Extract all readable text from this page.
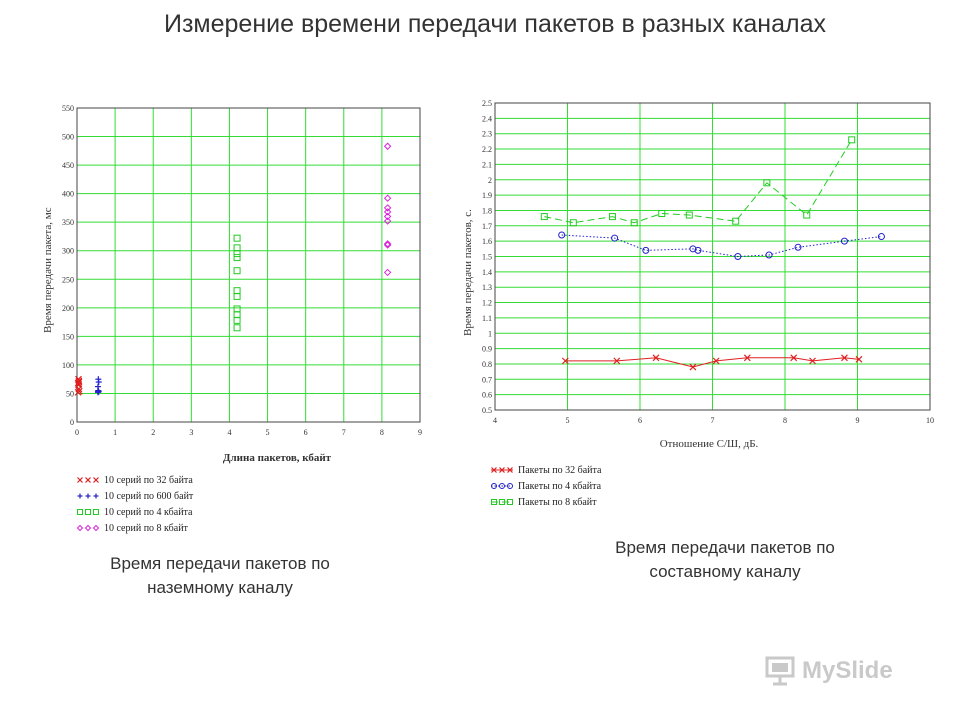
Измерение времени передачи пакетов в разных каналах
0	1	2	3	4	5	6	7	8	9
0
50
100
150
200
250
300
350
400
450
500
550
Время передачи пакета, мс
Длина пакетов, кбайт
10 серий по 32 байта
10 серий по 600 байт
10 серий по 4 кбайта
10 серий по 8 кбайт
4	5	6	7	8	9	10
0.5
0.6
0.7
0.8
0.9
1
1.1
1.2
1.3
1.4
1.5
1.6
1.7
1.8
1.9
2
2.1
2.2
2.3
2.4
2.5
Время передачи пакетов, с.
Отношение С/Ш, дБ.
Пакеты по 32 байта
Пакеты по 4 кбайта
Пакеты по 8 кбайт
Время передачи пакетов по
наземному каналу
Время передачи пакетов по
составному каналу
MySlide
